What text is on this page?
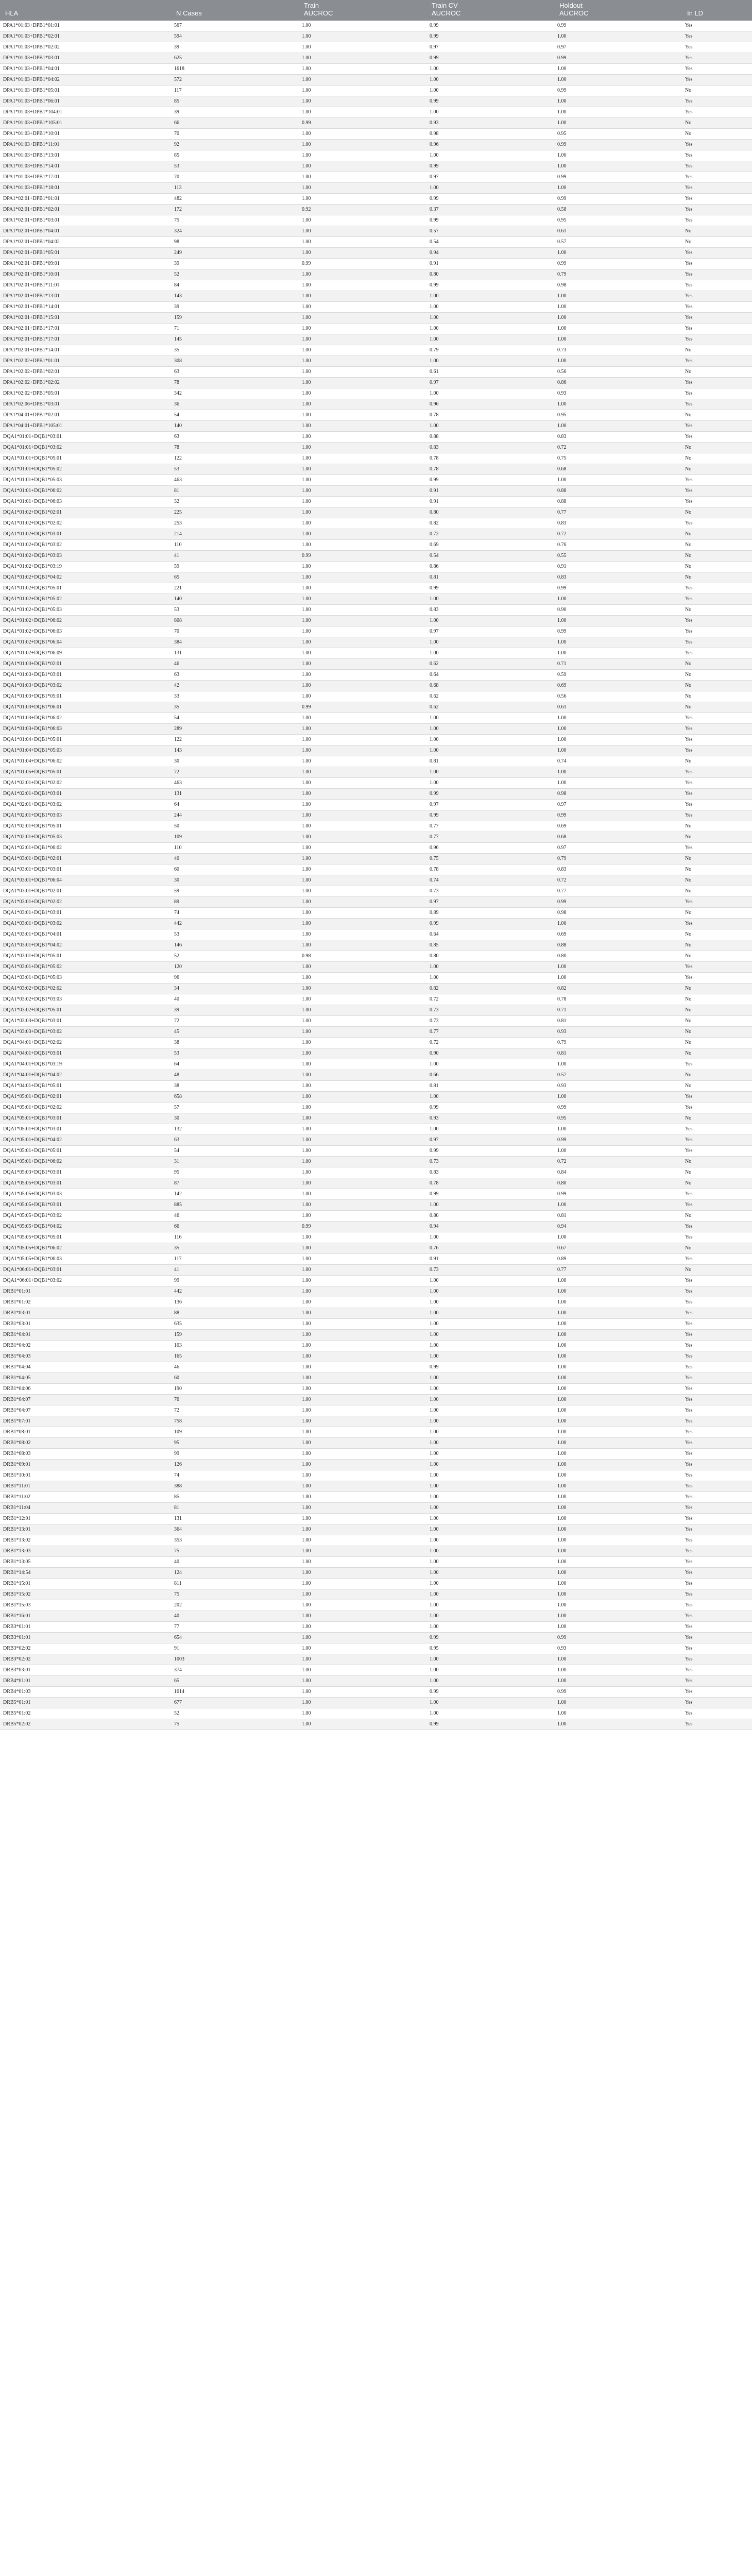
		Train	Train CV	Holdout	
HLA	N Cases	AUCROC	AUCROC	AUCROC	In LD
DPA1*01:03+DPB1*01:01	567	1.00	0.99	0.99	Yes
DPA1*01:03+DPB1*02:01	594	1.00	0.99	1.00	Yes
DPA1*01:03+DPB1*02:02	39	1.00	0.97	0.97	Yes
DPA1*01:03+DPB1*03:01	625	1.00	0.99	0.99	Yes
DPA1*01:03+DPB1*04:01	1618	1.00	1.00	1.00	Yes
DPA1*01:03+DPB1*04:02	572	1.00	1.00	1.00	Yes
DPA1*01:03+DPB1*05:01	117	1.00	1.00	0.99	No
DPA1*01:03+DPB1*06:01	85	1.00	0.99	1.00	Yes
DPA1*01:03+DPB1*104:01	39	1.00	1.00	1.00	Yes
DPA1*01:03+DPB1*105:01	66	0.99	0.93	1.00	No
DPA1*01:03+DPB1*10:01	70	1.00	0.98	0.95	No
DPA1*01:03+DPB1*11:01	92	1.00	0.96	0.99	Yes
DPA1*01:03+DPB1*13:01	85	1.00	1.00	1.00	Yes
DPA1*01:03+DPB1*14:01	53	1.00	0.99	1.00	Yes
DPA1*01:03+DPB1*17:01	70	1.00	0.97	0.99	Yes
DPA1*01:03+DPB1*18:01	113	1.00	1.00	1.00	Yes
DPA1*02:01+DPB1*01:01	482	1.00	0.99	0.99	Yes
DPA1*02:01+DPB1*02:01	172	0.92	0.37	0.58	Yes
DPA1*02:01+DPB1*03:01	75	1.00	0.99	0.95	Yes
DPA1*02:01+DPB1*04:01	324	1.00	0.57	0.61	No
DPA1*02:01+DPB1*04:02	98	1.00	0.54	0.57	No
DPA1*02:01+DPB1*05:01	249	1.00	0.94	1.00	Yes
DPA1*02:01+DPB1*09:01	39	0.99	0.91	0.99	Yes
DPA1*02:01+DPB1*10:01	52	1.00	0.80	0.79	Yes
DPA1*02:01+DPB1*11:01	84	1.00	0.99	0.98	Yes
DPA1*02:01+DPB1*13:01	143	1.00	1.00	1.00	Yes
DPA1*02:01+DPB1*14:01	39	1.00	1.00	1.00	Yes
DPA1*02:01+DPB1*15:01	159	1.00	1.00	1.00	Yes
DPA1*02:01+DPB1*17:01	71	1.00	1.00	1.00	Yes
DPA1*02:01+DPB1*17:01	145	1.00	1.00	1.00	Yes
DPA1*02:01+DPB1*14:01	35	1.00	0.79	0.73	No
DPA1*02:02+DPB1*01:01	308	1.00	1.00	1.00	Yes
DPA1*02:02+DPB1*02:01	63	1.00	0.61	0.56	No
DPA1*02:02+DPB1*02:02	78	1.00	0.97	0.86	Yes
DPA1*02:02+DPB1*05:01	342	1.00	1.00	0.93	Yes
DPA1*02:06+DPB1*03:01	36	1.00	0.96	1.00	Yes
DPA1*04:01+DPB1*02:01	54	1.00	0.78	0.95	No
DPA1*04:01+DPB1*105:01	140	1.00	1.00	1.00	Yes
DQA1*01:01+DQB1*03:01	63	1.00	0.88	0.83	Yes
DQA1*01:01+DQB1*03:02	78	1.00	0.83	0.72	No
DQA1*01:01+DQB1*05:01	122	1.00	0.78	0.75	No
DQA1*01:01+DQB1*05:02	53	1.00	0.78	0.68	No
DQA1*01:01+DQB1*05:03	463	1.00	0.99	1.00	Yes
DQA1*01:01+DQB1*06:02	81	1.00	0.91	0.88	Yes
DQA1*01:01+DQB1*06:03	32	1.00	0.91	0.88	Yes
DQA1*01:02+DQB1*02:01	225	1.00	0.80	0.77	No
DQA1*01:02+DQB1*02:02	253	1.00	0.82	0.83	Yes
DQA1*01:02+DQB1*03:01	214	1.00	0.72	0.72	No
DQA1*01:02+DQB1*03:02	110	1.00	0.69	0.76	No
DQA1*01:02+DQB1*03:03	41	0.99	0.54	0.55	No
DQA1*01:02+DQB1*03:19	59	1.00	0.86	0.91	No
DQA1*01:02+DQB1*04:02	65	1.00	0.81	0.83	No
DQA1*01:02+DQB1*05:01	221	1.00	0.99	0.99	Yes
DQA1*01:02+DQB1*05:02	140	1.00	1.00	1.00	Yes
DQA1*01:02+DQB1*05:03	53	1.00	0.83	0.90	No
DQA1*01:02+DQB1*06:02	808	1.00	1.00	1.00	Yes
DQA1*01:02+DQB1*06:03	70	1.00	0.97	0.99	Yes
DQA1*01:02+DQB1*06:04	384	1.00	1.00	1.00	Yes
DQA1*01:02+DQB1*06:09	131	1.00	1.00	1.00	Yes
DQA1*01:03+DQB1*02:01	46	1.00	0.62	0.71	No
DQA1*01:03+DQB1*03:01	63	1.00	0.64	0.59	No
DQA1*01:03+DQB1*03:02	42	1.00	0.68	0.69	No
DQA1*01:03+DQB1*05:01	33	1.00	0.62	0.56	No
DQA1*01:03+DQB1*06:01	35	0.99	0.62	0.61	No
DQA1*01:03+DQB1*06:02	54	1.00	1.00	1.00	Yes
DQA1*01:03+DQB1*06:03	289	1.00	1.00	1.00	Yes
DQA1*01:04+DQB1*05:01	122	1.00	1.00	1.00	Yes
DQA1*01:04+DQB1*05:03	143	1.00	1.00	1.00	Yes
DQA1*01:04+DQB1*06:02	30	1.00	0.81	0.74	No
DQA1*01:05+DQB1*05:01	72	1.00	1.00	1.00	Yes
DQA1*02:01+DQB1*02:02	463	1.00	1.00	1.00	Yes
DQA1*02:01+DQB1*03:01	131	1.00	0.99	0.98	Yes
DQA1*02:01+DQB1*03:02	64	1.00	0.97	0.97	Yes
DQA1*02:01+DQB1*03:03	244	1.00	0.99	0.99	Yes
DQA1*02:01+DQB1*05:01	50	1.00	0.77	0.69	No
DQA1*02:01+DQB1*05:03	109	1.00	0.77	0.68	No
DQA1*02:01+DQB1*06:02	110	1.00	0.96	0.97	Yes
DQA1*03:01+DQB1*02:01	40	1.00	0.75	0.79	No
DQA1*03:01+DQB1*03:01	60	1.00	0.78	0.83	No
DQA1*03:01+DQB1*06:04	30	1.00	0.74	0.72	No
DQA1*03:01+DQB1*02:01	59	1.00	0.73	0.77	No
DQA1*03:01+DQB1*02:02	89	1.00	0.97	0.99	Yes
DQA1*03:01+DQB1*03:01	74	1.00	0.89	0.98	No
DQA1*03:01+DQB1*03:02	442	1.00	0.99	1.00	Yes
DQA1*03:01+DQB1*04:01	53	1.00	0.64	0.69	No
DQA1*03:01+DQB1*04:02	146	1.00	0.85	0.88	No
DQA1*03:01+DQB1*05:01	52	0.98	0.80	0.80	No
DQA1*03:01+DQB1*05:02	120	1.00	1.00	1.00	Yes
DQA1*03:01+DQB1*05:03	96	1.00	1.00	1.00	Yes
DQA1*03:02+DQB1*02:02	34	1.00	0.82	0.82	No
DQA1*03:02+DQB1*03:03	40	1.00	0.72	0.78	No
DQA1*03:02+DQB1*05:01	39	1.00	0.73	0.71	No
DQA1*03:03+DQB1*03:01	72	1.00	0.73	0.81	No
DQA1*03:03+DQB1*03:02	45	1.00	0.77	0.93	No
DQA1*04:01+DQB1*02:02	38	1.00	0.72	0.79	No
DQA1*04:01+DQB1*03:01	53	1.00	0.90	0.81	No
DQA1*04:01+DQB1*03:19	64	1.00	1.00	1.00	Yes
DQA1*04:01+DQB1*04:02	48	1.00	0.66	0.57	No
DQA1*04:01+DQB1*05:01	38	1.00	0.81	0.93	No
DQA1*05:01+DQB1*02:01	658	1.00	1.00	1.00	Yes
DQA1*05:01+DQB1*02:02	57	1.00	0.99	0.99	Yes
DQA1*05:01+DQB1*03:01	30	1.00	0.93	0.95	No
DQA1*05:01+DQB1*03:01	132	1.00	1.00	1.00	Yes
DQA1*05:01+DQB1*04:02	63	1.00	0.97	0.99	Yes
DQA1*05:01+DQB1*05:01	54	1.00	0.99	1.00	Yes
DQA1*05:01+DQB1*06:02	31	1.00	0.73	0.72	No
DQA1*05:03+DQB1*03:01	95	1.00	0.83	0.84	No
DQA1*05:05+DQB1*03:01	87	1.00	0.78	0.80	No
DQA1*05:05+DQB1*03:03	142	1.00	0.99	0.99	Yes
DQA1*05:05+DQB1*03:01	885	1.00	1.00	1.00	Yes
DQA1*05:05+DQB1*03:02	46	1.00	0.80	0.81	No
DQA1*05:05+DQB1*04:02	66	0.99	0.94	0.94	Yes
DQA1*05:05+DQB1*05:01	116	1.00	1.00	1.00	Yes
DQA1*05:05+DQB1*06:02	35	1.00	0.76	0.67	No
DQA1*05:05+DQB1*06:03	117	1.00	0.91	0.89	Yes
DQA1*06:01+DQB1*03:01	41	1.00	0.73	0.77	No
DQA1*06:01+DQB1*03:02	99	1.00	1.00	1.00	Yes
DRB1*01:01	442	1.00	1.00	1.00	Yes
DRB1*01:02	136	1.00	1.00	1.00	Yes
DRB1*03:01	88	1.00	1.00	1.00	Yes
DRB1*03:01	635	1.00	1.00	1.00	Yes
DRB1*04:01	159	1.00	1.00	1.00	Yes
DRB1*04:02	103	1.00	1.00	1.00	Yes
DRB1*04:03	165	1.00	1.00	1.00	Yes
DRB1*04:04	46	1.00	0.99	1.00	Yes
DRB1*04:05	60	1.00	1.00	1.00	Yes
DRB1*04:06	190	1.00	1.00	1.00	Yes
DRB1*04:07	76	1.00	1.00	1.00	Yes
DRB1*04:07	72	1.00	1.00	1.00	Yes
DRB1*07:01	758	1.00	1.00	1.00	Yes
DRB1*08:01	109	1.00	1.00	1.00	Yes
DRB1*08:02	95	1.00	1.00	1.00	Yes
DRB1*08:03	99	1.00	1.00	1.00	Yes
DRB1*09:01	126	1.00	1.00	1.00	Yes
DRB1*10:01	74	1.00	1.00	1.00	Yes
DRB1*11:01	388	1.00	1.00	1.00	Yes
DRB1*11:02	85	1.00	1.00	1.00	Yes
DRB1*11:04	81	1.00	1.00	1.00	Yes
DRB1*12:01	131	1.00	1.00	1.00	Yes
DRB1*13:01	364	1.00	1.00	1.00	Yes
DRB1*13:02	353	1.00	1.00	1.00	Yes
DRB1*13:03	75	1.00	1.00	1.00	Yes
DRB1*13:05	40	1.00	1.00	1.00	Yes
DRB1*14:54	124	1.00	1.00	1.00	Yes
DRB1*15:01	811	1.00	1.00	1.00	Yes
DRB1*15:02	75	1.00	1.00	1.00	Yes
DRB1*15:03	202	1.00	1.00	1.00	Yes
DRB1*16:01	40	1.00	1.00	1.00	Yes
DRB3*01:01	77	1.00	1.00	1.00	Yes
DRB3*01:01	654	1.00	0.99	0.99	Yes
DRB3*02:02	91	1.00	0.95	0.93	Yes
DRB3*02:02	1003	1.00	1.00	1.00	Yes
DRB3*03:01	374	1.00	1.00	1.00	Yes
DRB4*01:01	65	1.00	1.00	1.00	Yes
DRB4*01:03	1014	1.00	0.99	0.99	Yes
DRB5*01:01	677	1.00	1.00	1.00	Yes
DRB5*01:02	52	1.00	1.00	1.00	Yes
DRB5*02:02	75	1.00	0.99	1.00	Yes
